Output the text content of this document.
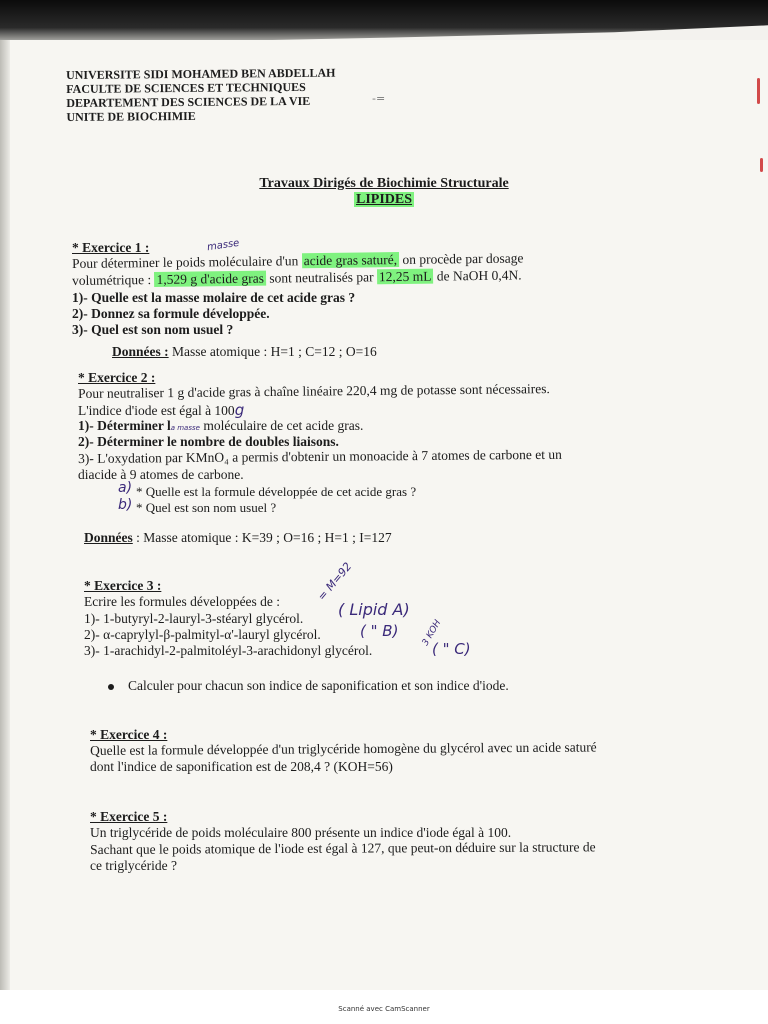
UNIVERSITE SIDI MOHAMED BEN ABDELLAH
FACULTE DE SCIENCES ET TECHNIQUES
DEPARTEMENT DES SCIENCES DE LA VIE
UNITE DE BIOCHIMIE
-=
Travaux Dirigés de Biochimie Structurale
LIPIDES
masse
* Exercice 1 :
Pour déterminer le poids moléculaire d'un acide gras saturé, on procède par dosage
volumétrique : 1,529 g d'acide gras sont neutralisés par 12,25 mL de NaOH 0,4N.
1)- Quelle est la masse molaire de cet acide gras ?
2)- Donnez sa formule développée.
3)- Quel est son nom usuel ?
Données : Masse atomique : H=1 ; C=12 ; O=16
* Exercice 2 :
Pour neutraliser 1 g d'acide gras à chaîne linéaire 220,4 mg de potasse sont nécessaires.
L'indice d'iode est égal à 100g
1)- Déterminer la masse moléculaire de cet acide gras.
2)- Déterminer le nombre de doubles liaisons.
3)- L'oxydation par KMnO₄ a permis d'obtenir un monoacide à 7 atomes de carbone et un
diacide à 9 atomes de carbone.
a) * Quelle est la formule développée de cet acide gras ?
b) * Quel est son nom usuel ?
Données : Masse atomique : K=39 ; O=16 ; H=1 ; I=127
= M=92
* Exercice 3 :
Ecrire les formules développées de :
1)- 1-butyryl-2-lauryl-3-stéaryl glycérol. ( Lipid A)
2)- α-caprylyl-β-palmityl-α'-lauryl glycérol.	( " B)
3)- 1-arachidyl-2-palmitoléyl-3-arachidonyl glycérol.	( " C)
3 KOH
Calculer pour chacun son indice de saponification et son indice d'iode.
* Exercice 4 :
Quelle est la formule développée d'un triglycéride homogène du glycérol avec un acide saturé
dont l'indice de saponification est de 208,4 ? (KOH=56)
* Exercice 5 :
Un triglycéride de poids moléculaire 800 présente un indice d'iode égal à 100.
Sachant que le poids atomique de l'iode est égal à 127, que peut-on déduire sur la structure de
ce triglycéride ?
Scanné avec CamScanner
